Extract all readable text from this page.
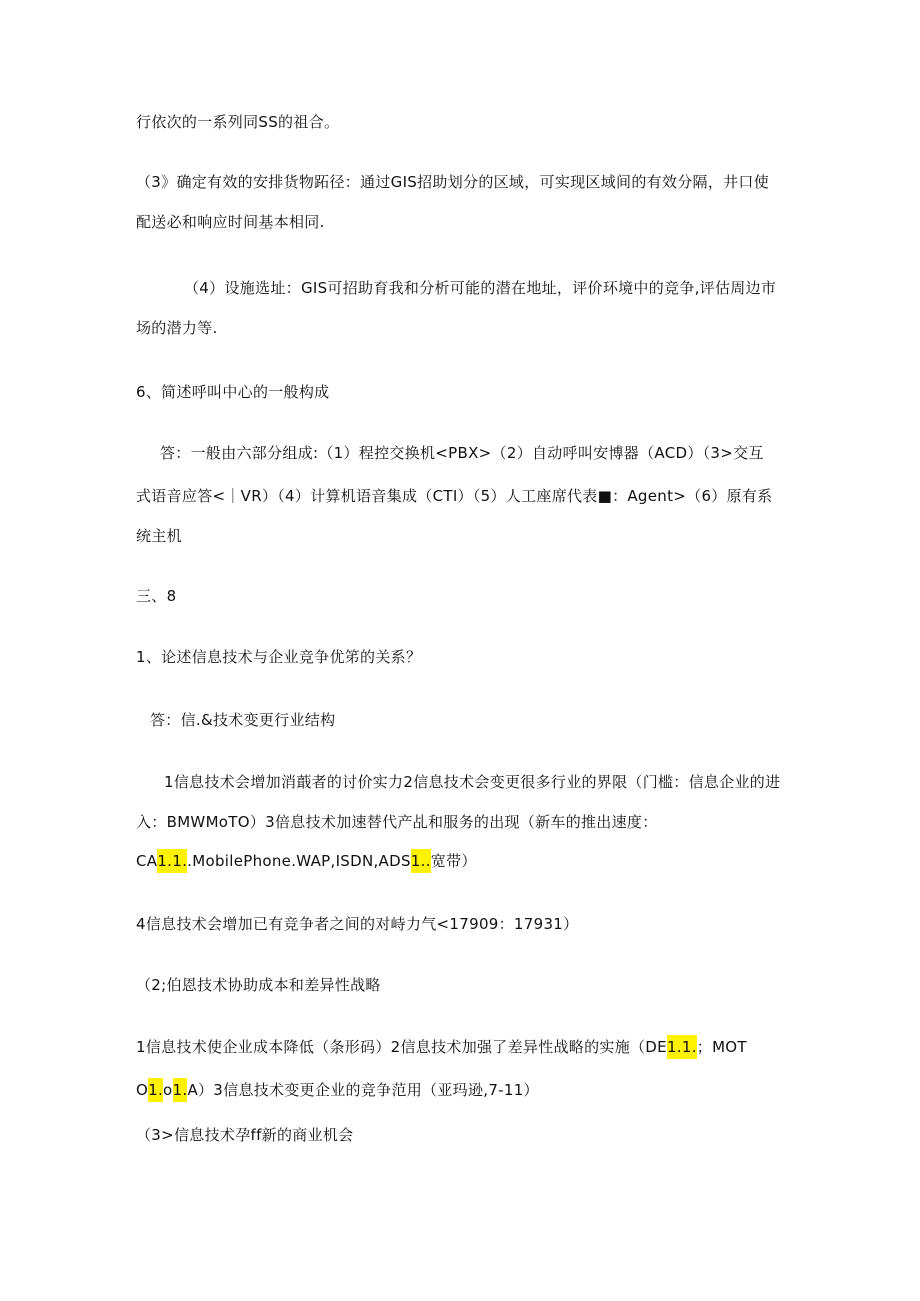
行依次的一系列同SS的祖合。
（3》确定有效的安排货物跖径：通过GIS招助划分的区域，可实现区域间的有效分隔，井口使
配送必和响应时间基本相同.
（4）设施选址：GIS可招助育我和分析可能的潜在地址，评价环境中的竞争,评估周边市
场的潜力等.
6、简述呼叫中心的一般构成
答：一般由六部分组成:（1）程控交换机<PBX>（2）自动呼叫安博器（ACD）（3>交互
式语音应答<｜VR）（4）计算机语音集成（CTI）（5）人工座席代表■：Agent>（6）原有系
统主机
三、8
1、论述信息技术与企业竞争优笫的关系？
答：信.&技术变更行业结构
1信息技术会增加消蕺者的讨价实力2信息技术会变更很多行业的界限（门槛：信息企业的进
入：BMWMoTO）3倍息技术加速替代产乩和服务的出现（新车的推出速度：
CA1.1..MobilePhone.WAP,ISDN,ADS1..宽带）
4信息技术会增加已有竞争者之间的对峙力气<17909：17931）
（2;伯恩技术协助成本和差异性战略
1信息技术使企业成本降低（条形码）2信息技术加强了差异性战略的实施（DE1.1.；MOT
O1.o1.A）3信息技术变更企业的竞争范用（亚玛逊,7-11）
（3>信息技术孕ff新的商业机会
